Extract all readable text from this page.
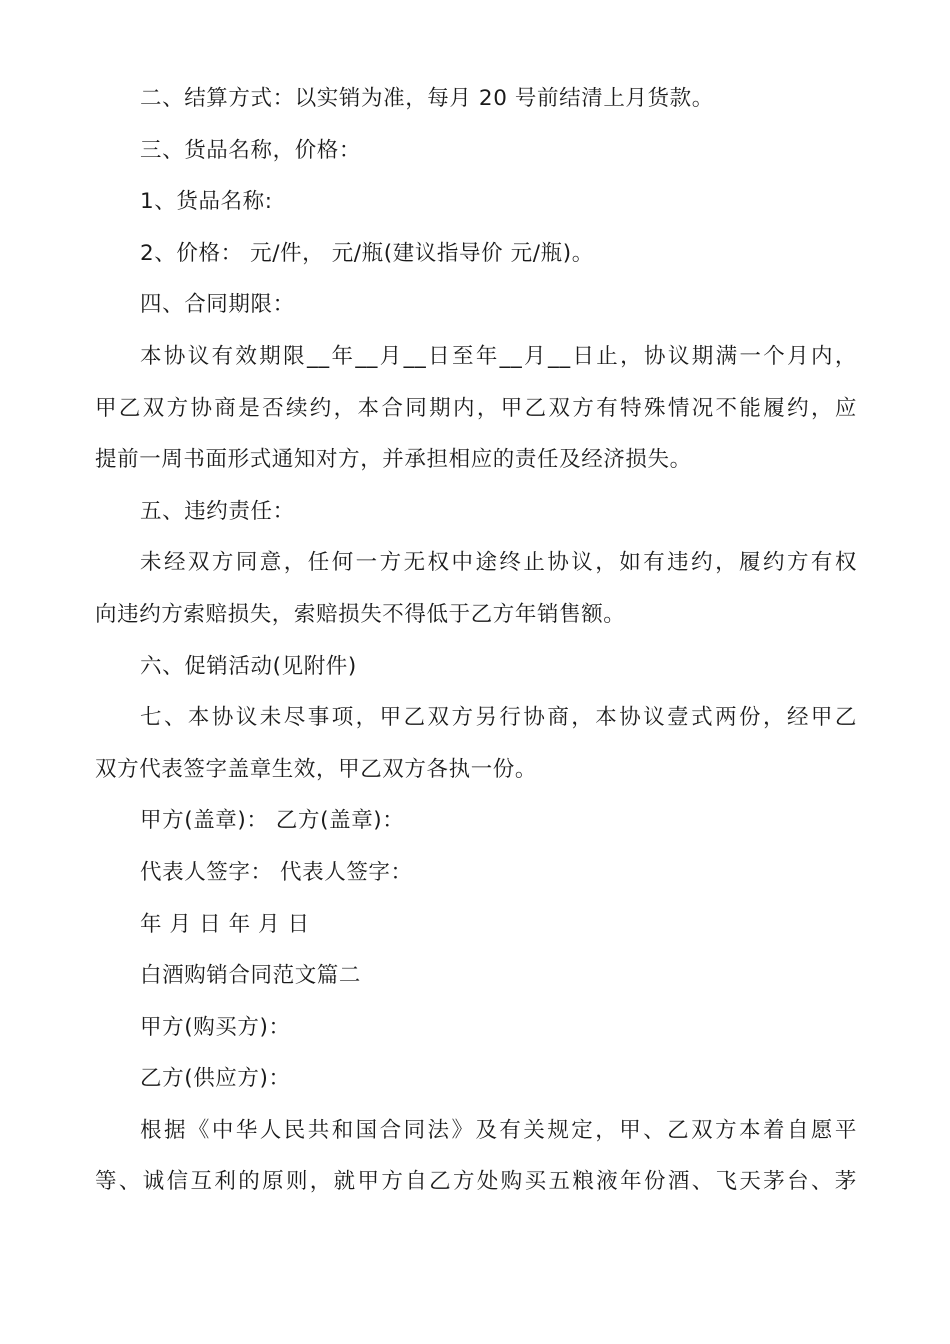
二、结算方式：以实销为准，每月 20 号前结清上月货款。
三、货品名称，价格：
1、货品名称:
2、价格： 元/件， 元/瓶(建议指导价 元/瓶)。
四、合同期限：
本协议有效期限__年__月__日至年__月__日止，协议期满一个月内，
甲乙双方协商是否续约，本合同期内，甲乙双方有特殊情况不能履约，应
提前一周书面形式通知对方，并承担相应的责任及经济损失。
五、违约责任：
未经双方同意，任何一方无权中途终止协议，如有违约，履约方有权
向违约方索赔损失，索赔损失不得低于乙方年销售额。
六、促销活动(见附件)
七、本协议未尽事项，甲乙双方另行协商，本协议壹式两份，经甲乙
双方代表签字盖章生效，甲乙双方各执一份。
甲方(盖章)： 乙方(盖章)：
代表人签字： 代表人签字：
年 月 日 年 月 日
白酒购销合同范文篇二
甲方(购买方)：
乙方(供应方)：
根据《中华人民共和国合同法》及有关规定，甲、乙双方本着自愿平
等、诚信互利的原则，就甲方自乙方处购买五粮液年份酒、飞天茅台、茅
